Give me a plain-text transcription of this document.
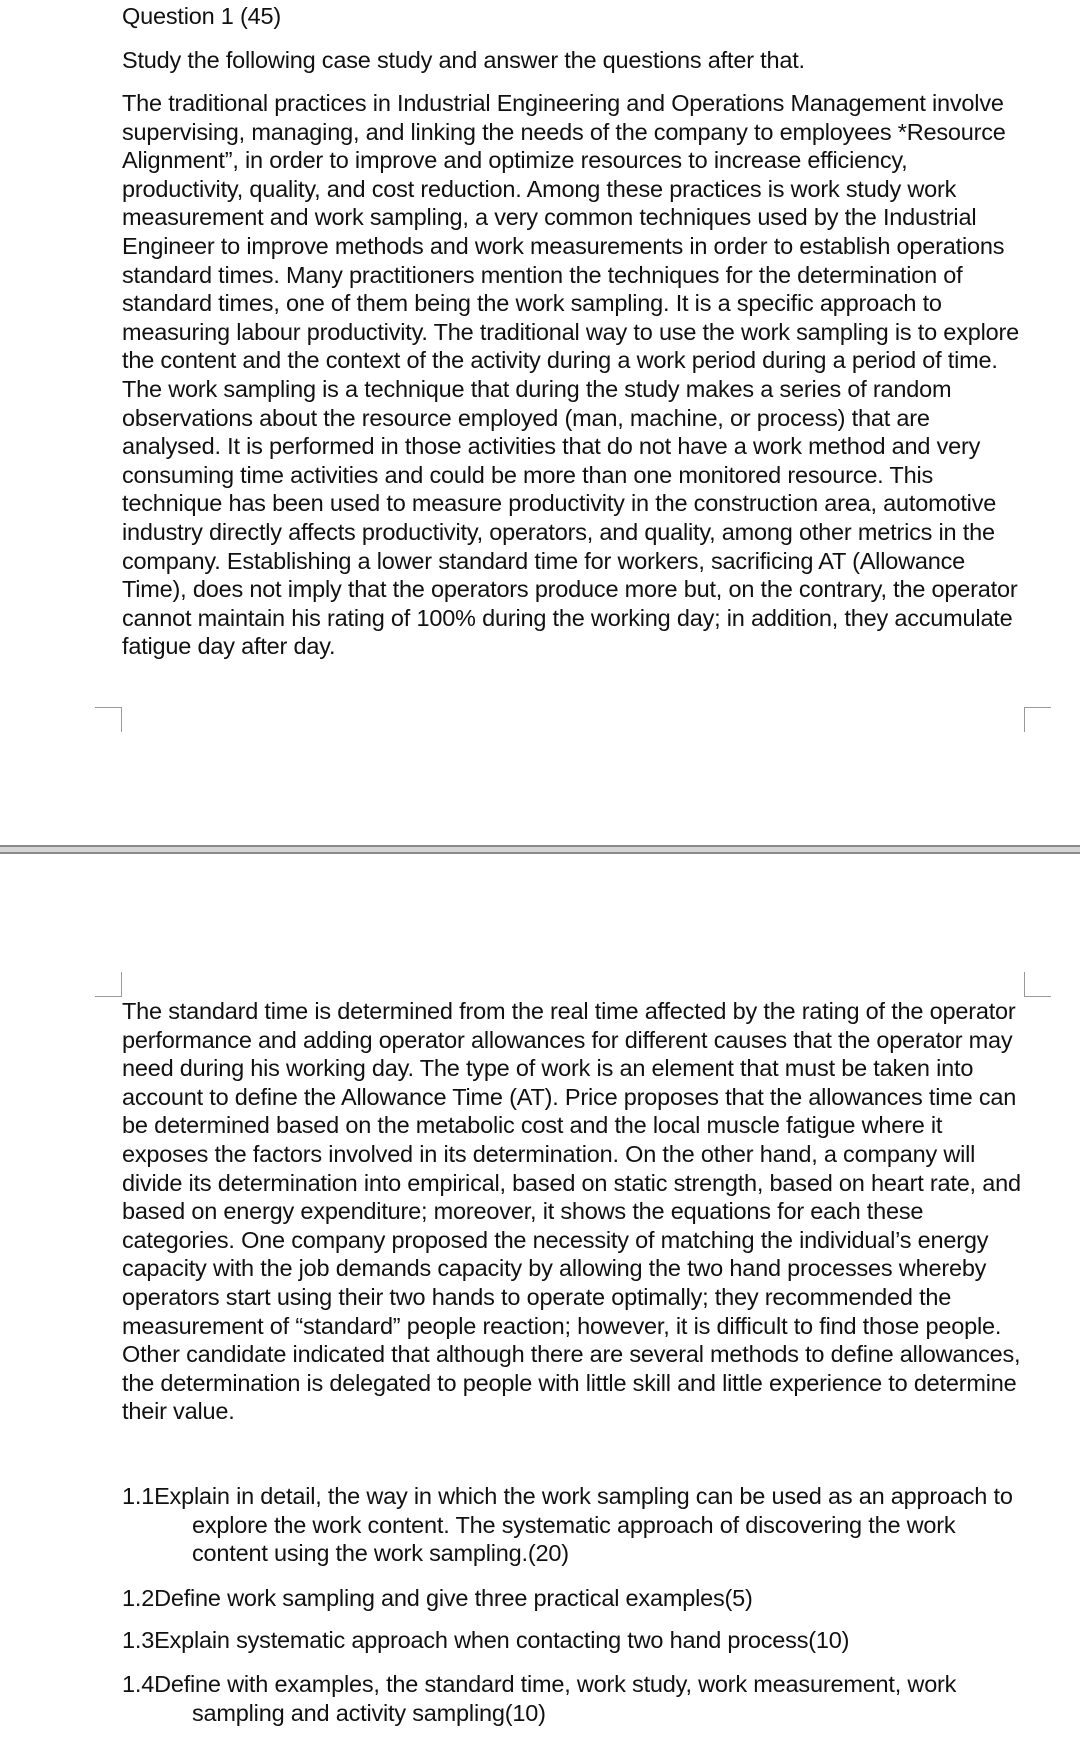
Question 1 (45)
Study the following case study and answer the questions after that.
The traditional practices in Industrial Engineering and Operations Management involve supervising, managing, and linking the needs of the company to employees *Resource Alignment”, in order to improve and optimize resources to increase efficiency, productivity, quality, and cost reduction. Among these practices is work study work measurement and work sampling, a very common techniques used by the Industrial Engineer to improve methods and work measurements in order to establish operations standard times. Many practitioners mention the techniques for the determination of standard times, one of them being the work sampling. It is a specific approach to measuring labour productivity. The traditional way to use the work sampling is to explore the content and the context of the activity during a work period during a period of time. The work sampling is a technique that during the study makes a series of random observations about the resource employed (man, machine, or process) that are analysed. It is performed in those activities that do not have a work method and very consuming time activities and could be more than one monitored resource. This technique has been used to measure productivity in the construction area, automotive industry directly affects productivity, operators, and quality, among other metrics in the company. Establishing a lower standard time for workers, sacrificing AT (Allowance Time), does not imply that the operators produce more but, on the contrary, the operator cannot maintain his rating of 100% during the working day; in addition, they accumulate fatigue day after day.
The standard time is determined from the real time affected by the rating of the operator performance and adding operator allowances for different causes that the operator may need during his working day. The type of work is an element that must be taken into account to define the Allowance Time (AT). Price proposes that the allowances time can be determined based on the metabolic cost and the local muscle fatigue where it exposes the factors involved in its determination. On the other hand, a company will divide its determination into empirical, based on static strength, based on heart rate, and based on energy expenditure; moreover, it shows the equations for each these categories. One company proposed the necessity of matching the individual’s energy capacity with the job demands capacity by allowing the two hand processes whereby operators start using their two hands to operate optimally; they recommended the measurement of “standard” people reaction; however, it is difficult to find those people. Other candidate indicated that although there are several methods to define allowances, the determination is delegated to people with little skill and little experience to determine their value.
1.1Explain in detail, the way in which the work sampling can be used as an approach to explore the work content. The systematic approach of discovering the work content using the work sampling.(20)
1.2Define work sampling and give three practical examples(5)
1.3Explain systematic approach when contacting two hand process(10)
1.4Define with examples, the standard time, work study, work measurement, work sampling and activity sampling(10)
